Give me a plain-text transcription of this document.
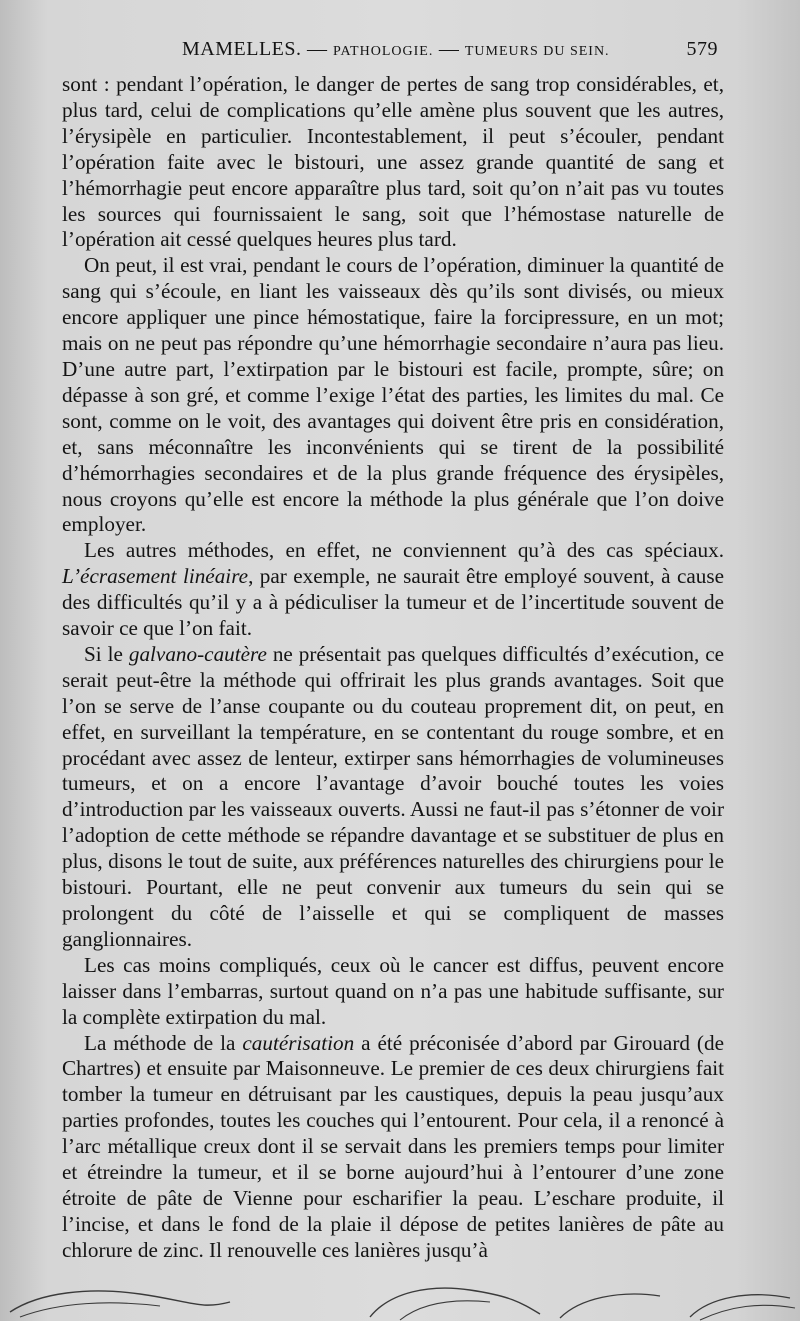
MAMELLES. — PATHOLOGIE. — TUMEURS DU SEIN.	579

sont : pendant l’opération, le danger de pertes de sang trop considérables, et, plus tard, celui de complications qu’elle amène plus souvent que les autres, l’érysipèle en particulier. Incontestablement, il peut s’écouler, pendant l’opération faite avec le bistouri, une assez grande quantité de sang et l’hémorrhagie peut encore apparaître plus tard, soit qu’on n’ait pas vu toutes les sources qui fournissaient le sang, soit que l’hémostase naturelle de l’opération ait cessé quelques heures plus tard.

On peut, il est vrai, pendant le cours de l’opération, diminuer la quantité de sang qui s’écoule, en liant les vaisseaux dès qu’ils sont divisés, ou mieux encore appliquer une pince hémostatique, faire la forcipressure, en un mot; mais on ne peut pas répondre qu’une hémorrhagie secondaire n’aura pas lieu. D’une autre part, l’extirpation par le bistouri est facile, prompte, sûre; on dépasse à son gré, et comme l’exige l’état des parties, les limites du mal. Ce sont, comme on le voit, des avantages qui doivent être pris en considération, et, sans méconnaître les inconvénients qui se tirent de la possibilité d’hémorrhagies secondaires et de la plus grande fréquence des érysipèles, nous croyons qu’elle est encore la méthode la plus générale que l’on doive employer.

Les autres méthodes, en effet, ne conviennent qu’à des cas spéciaux. L’écrasement linéaire, par exemple, ne saurait être employé souvent, à cause des difficultés qu’il y a à pédiculiser la tumeur et de l’incertitude souvent de savoir ce que l’on fait.

Si le galvano-cautère ne présentait pas quelques difficultés d’exécution, ce serait peut-être la méthode qui offrirait les plus grands avantages. Soit que l’on se serve de l’anse coupante ou du couteau proprement dit, on peut, en effet, en surveillant la température, en se contentant du rouge sombre, et en procédant avec assez de lenteur, extirper sans hémorrhagies de volumineuses tumeurs, et on a encore l’avantage d’avoir bouché toutes les voies d’introduction par les vaisseaux ouverts. Aussi ne faut-il pas s’étonner de voir l’adoption de cette méthode se répandre davantage et se substituer de plus en plus, disons le tout de suite, aux préférences naturelles des chirurgiens pour le bistouri. Pourtant, elle ne peut convenir aux tumeurs du sein qui se prolongent du côté de l’aisselle et qui se compliquent de masses ganglionnaires.

Les cas moins compliqués, ceux où le cancer est diffus, peuvent encore laisser dans l’embarras, surtout quand on n’a pas une habitude suffisante, sur la complète extirpation du mal.

La méthode de la cautérisation a été préconisée d’abord par Girouard (de Chartres) et ensuite par Maisonneuve. Le premier de ces deux chirurgiens fait tomber la tumeur en détruisant par les caustiques, depuis la peau jusqu’aux parties profondes, toutes les couches qui l’entourent. Pour cela, il a renoncé à l’arc métallique creux dont il se servait dans les premiers temps pour limiter et étreindre la tumeur, et il se borne aujourd’hui à l’entourer d’une zone étroite de pâte de Vienne pour escharifier la peau. L’eschare produite, il l’incise, et dans le fond de la plaie il dépose de petites lanières de pâte au chlorure de zinc. Il renouvelle ces lanières jusqu’à
